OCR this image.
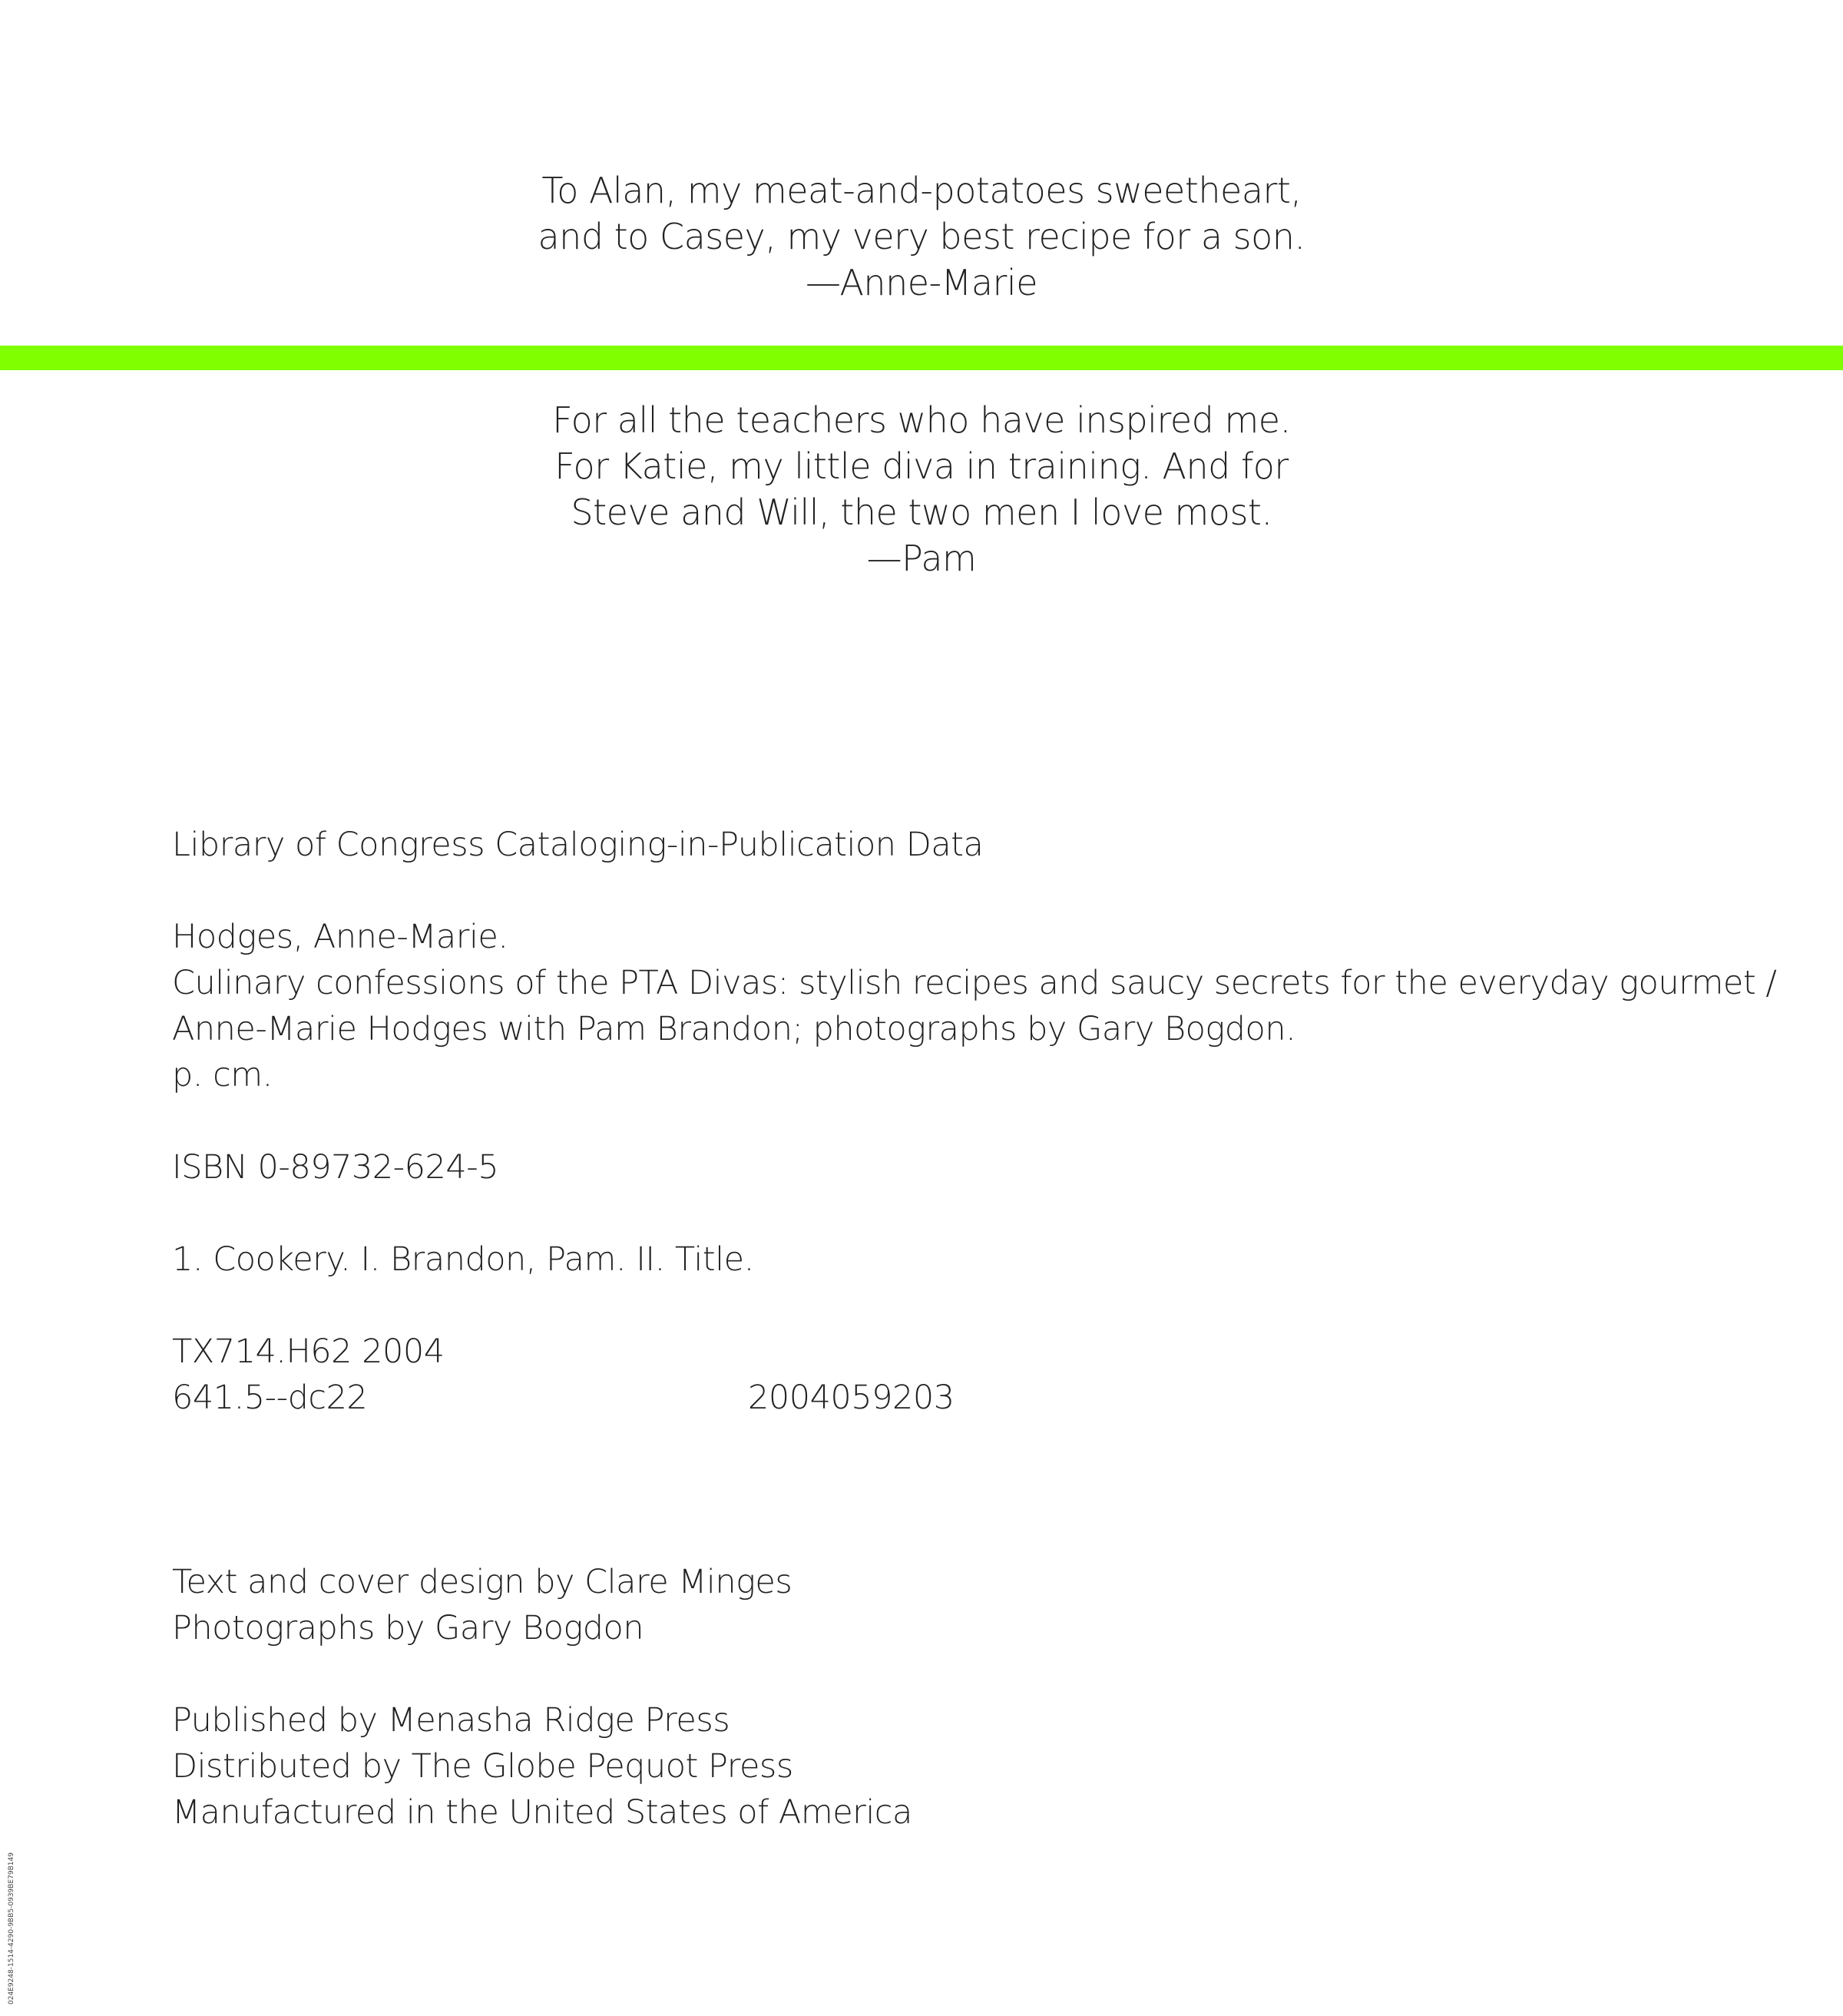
To Alan, my meat-and-potatoes sweetheart,
and to Casey, my very best recipe for a son.
—Anne-Marie
For all the teachers who have inspired me.
For Katie, my little diva in training. And for
Steve and Will, the two men I love most.
—Pam
Library of Congress Cataloging-in-Publication Data
Hodges, Anne-Marie.
Culinary confessions of the PTA Divas: stylish recipes and saucy secrets for the everyday gourmet /
Anne-Marie Hodges with Pam Brandon; photographs by Gary Bogdon.
p. cm.
ISBN 0-89732-624-5
1. Cookery. I. Brandon, Pam. II. Title.
TX714.H62 2004
641.5--dc22	2004059203
Text and cover design by Clare Minges
Photographs by Gary Bogdon
Published by Menasha Ridge Press
Distributed by The Globe Pequot Press
Manufactured in the United States of America
024E9248-1514-4290-9BB5-0939BE79B149
